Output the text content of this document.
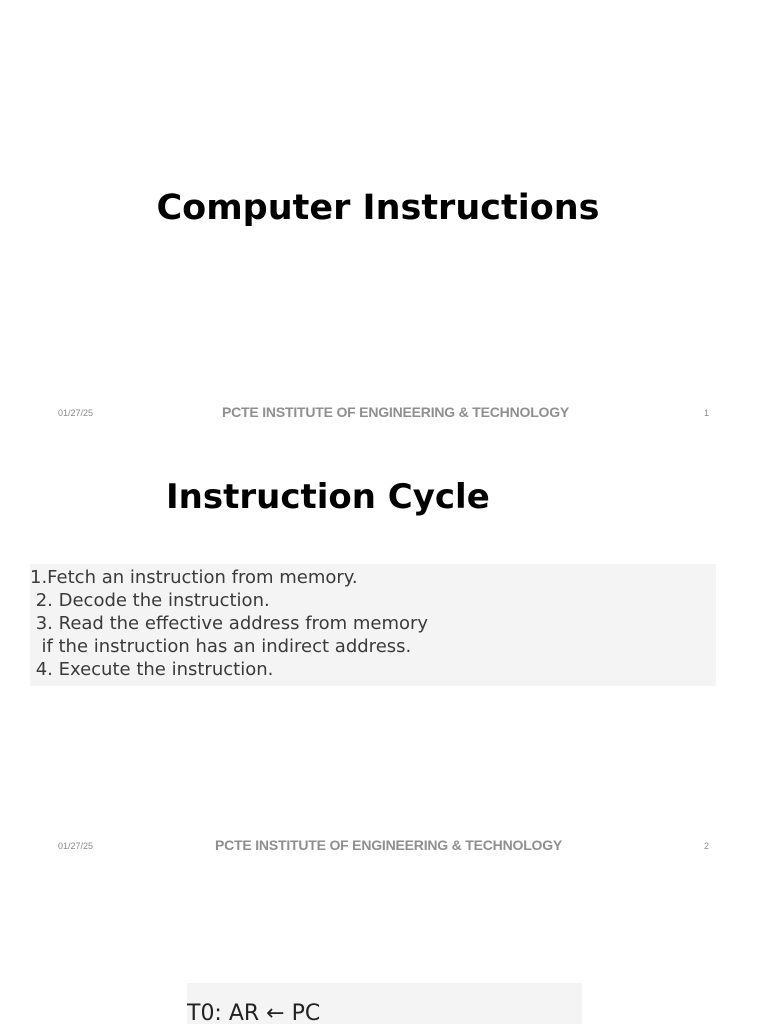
Computer Instructions
01/27/25	PCTE INSTITUTE OF ENGINEERING & TECHNOLOGY	1
Instruction Cycle
1.Fetch an instruction from memory.
2. Decode the instruction.
3. Read the effective address from memory
if the instruction has an indirect address.
4. Execute the instruction.
01/27/25	PCTE INSTITUTE OF ENGINEERING & TECHNOLOGY	2
T0: AR ← PC
